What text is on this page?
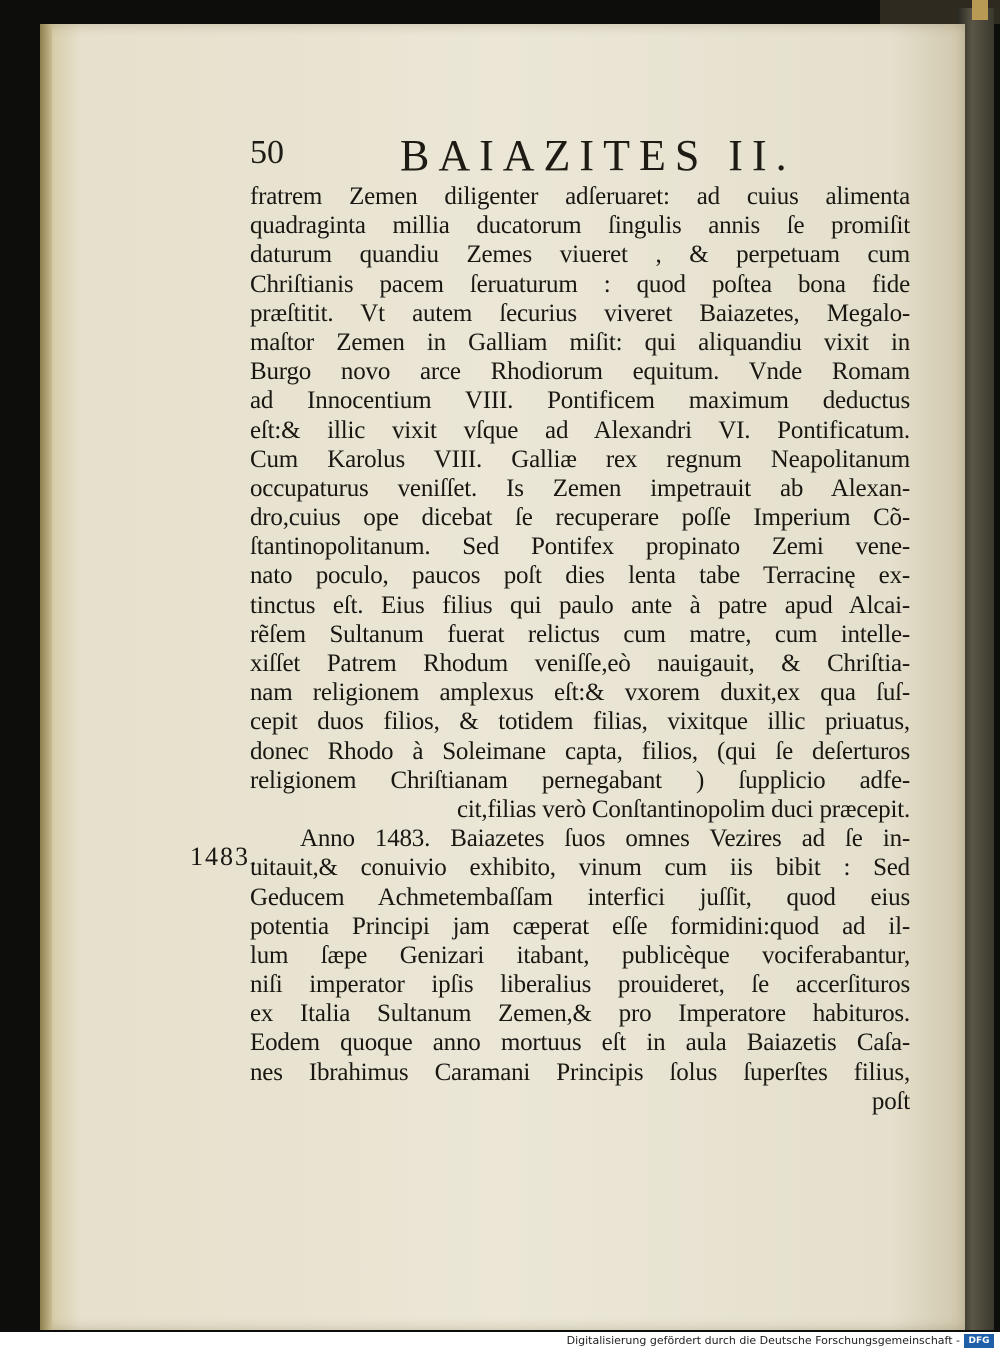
50	BAIAZITES II.
1483.
fratrem Zemen diligenter adſeruaret: ad cuius alimenta
quadraginta millia ducatorum ſingulis annis ſe promiſit
daturum quandiu Zemes viueret , & perpetuam cum
Chriſtianis pacem ſeruaturum : quod poſtea bona fide
præſtitit. Vt autem ſecurius viveret Baiazetes, Megalo-
maſtor Zemen in Galliam miſit: qui aliquandiu vixit in
Burgo novo arce Rhodiorum equitum. Vnde Romam
ad Innocentium VIII. Pontificem maximum deductus
eſt:& illic vixit vſque ad Alexandri VI. Pontificatum.
Cum Karolus VIII. Galliæ rex regnum Neapolitanum
occupaturus veniſſet. Is Zemen impetrauit ab Alexan-
dro,cuius ope dicebat ſe recuperare poſſe Imperium Cõ-
ſtantinopolitanum. Sed Pontifex propinato Zemi vene-
nato poculo, paucos poſt dies lenta tabe Terracinę ex-
tinctus eſt. Eius filius qui paulo ante à patre apud Alcai-
rẽſem Sultanum fuerat relictus cum matre, cum intelle-
xiſſet Patrem Rhodum veniſſe,eò nauigauit, & Chriſtia-
nam religionem amplexus eſt:& vxorem duxit,ex qua ſuſ-
cepit duos filios, & totidem filias, vixitque illic priuatus,
donec Rhodo à Soleimane capta, filios, (qui ſe deſerturos
religionem Chriſtianam pernegabant ) ſupplicio adfe-
cit,filias verò Conſtantinopolim duci præcepit.
Anno 1483. Baiazetes ſuos omnes Vezires ad ſe in-
uitauit,& conuivio exhibito, vinum cum iis bibit : Sed
Geducem Achmetembaſſam interfici juſſit, quod eius
potentia Principi jam cæperat eſſe formidini:quod ad il-
lum ſæpe Genizari itabant, publicèque vociferabantur,
niſi imperator ipſis liberalius prouideret, ſe accerſituros
ex Italia Sultanum Zemen,& pro Imperatore habituros.
Eodem quoque anno mortuus eſt in aula Baiazetis Caſa-
nes Ibrahimus Caramani Principis ſolus ſuperſtes filius,
poſt
Digitalisierung gefördert durch die Deutsche Forschungsgemeinschaft - DFG
